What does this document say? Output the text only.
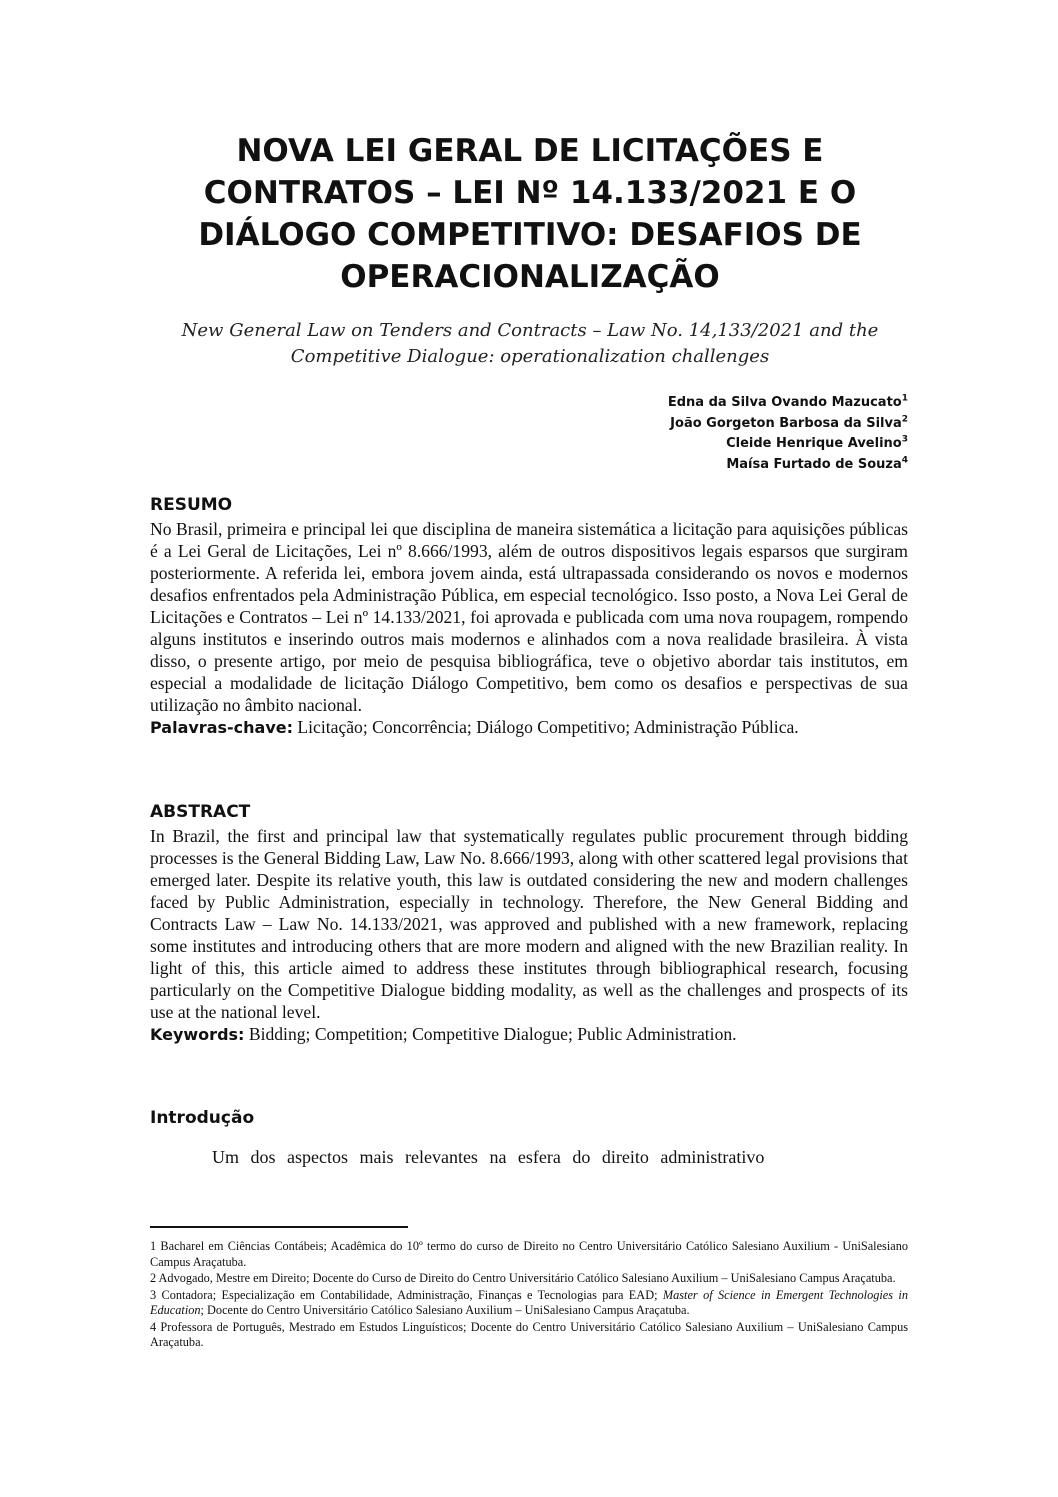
NOVA LEI GERAL DE LICITAÇÕES E
CONTRATOS – LEI Nº 14.133/2021 E O
DIÁLOGO COMPETITIVO: DESAFIOS DE
OPERACIONALIZAÇÃO
New General Law on Tenders and Contracts – Law No. 14,133/2021 and the
Competitive Dialogue: operationalization challenges
Edna da Silva Ovando Mazucato$^1$
João Gorgeton Barbosa da Silva$^2$
Cleide Henrique Avelino$^3$
Maísa Furtado de Souza$^4$
RESUMO
No Brasil, primeira e principal lei que disciplina de maneira sistemática a licitação para aquisições públicas é a Lei Geral de Licitações, Lei nº 8.666/1993, além de outros dispositivos legais esparsos que surgiram posteriormente. A referida lei, embora jovem ainda, está ultrapassada considerando os novos e modernos desafios enfrentados pela Administração Pública, em especial tecnológico. Isso posto, a Nova Lei Geral de Licitações e Contratos – Lei nº 14.133/2021, foi aprovada e publicada com uma nova roupagem, rompendo alguns institutos e inserindo outros mais modernos e alinhados com a nova realidade brasileira. À vista disso, o presente artigo, por meio de pesquisa bibliográfica, teve o objetivo abordar tais institutos, em especial a modalidade de licitação Diálogo Competitivo, bem como os desafios e perspectivas de sua utilização no âmbito nacional.
Palavras-chave: Licitação; Concorrência; Diálogo Competitivo; Administração Pública.
ABSTRACT
In Brazil, the first and principal law that systematically regulates public procurement through bidding processes is the General Bidding Law, Law No. 8.666/1993, along with other scattered legal provisions that emerged later. Despite its relative youth, this law is outdated considering the new and modern challenges faced by Public Administration, especially in technology. Therefore, the New General Bidding and Contracts Law – Law No. 14.133/2021, was approved and published with a new framework, replacing some institutes and introducing others that are more modern and aligned with the new Brazilian reality. In light of this, this article aimed to address these institutes through bibliographical research, focusing particularly on the Competitive Dialogue bidding modality, as well as the challenges and prospects of its use at the national level.
Keywords: Bidding; Competition; Competitive Dialogue; Public Administration.
Introdução
Um dos aspectos mais relevantes na esfera do direito administrativo
1 Bacharel em Ciências Contábeis; Acadêmica do 10º termo do curso de Direito no Centro Universitário Católico Salesiano Auxilium - UniSalesiano Campus Araçatuba.
2 Advogado, Mestre em Direito; Docente do Curso de Direito do Centro Universitário Católico Salesiano Auxilium – UniSalesiano Campus Araçatuba.
3 Contadora; Especialização em Contabilidade, Administração, Finanças e Tecnologias para EAD; Master of Science in Emergent Technologies in Education; Docente do Centro Universitário Católico Salesiano Auxilium – UniSalesiano Campus Araçatuba.
4 Professora de Português, Mestrado em Estudos Linguísticos; Docente do Centro Universitário Católico Salesiano Auxilium – UniSalesiano Campus Araçatuba.
